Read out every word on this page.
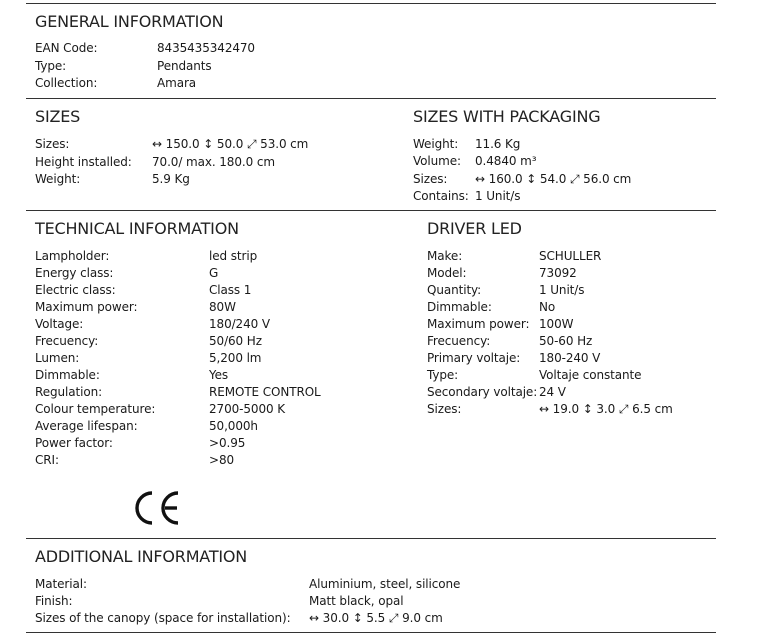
GENERAL INFORMATION
SIZES	SIZES WITH PACKAGING
TECHNICAL INFORMATION	DRIVER LED
ADDITIONAL INFORMATION
EAN Code:	8435435342470
Type:	Pendants
Collection:	Amara
Sizes:	↔ 150.0 ↕ 50.0 ⤢ 53.0 cm
Height installed: 70.0/ max. 180.0 cm
Weight:	5.9 Kg
Weight: 11.6 Kg
Volume: 0.4840 m³
Sizes: ↔ 160.0 ↕ 54.0 ⤢ 56.0 cm
Contains: 1 Unit/s
Lampholder:	led strip
Energy class:	G
Electric class:	Class 1
Maximum power:	80W
Voltage:	180/240 V
Frecuency:	50/60 Hz
Lumen:	5,200 lm
Dimmable:	Yes
Regulation:	REMOTE CONTROL
Colour temperature:	2700-5000 K
Average lifespan:	50,000h
Power factor:	>0.95
CRI:	>80
Make:	SCHULLER
Model:	73092
Quantity:	1 Unit/s
Dimmable:	No
Maximum power: 100W
Frecuency:	50-60 Hz
Primary voltaje: 180-240 V
Type:	Voltaje constante
Secondary voltaje: 24 V
Sizes:	↔ 19.0 ↕ 3.0 ⤢ 6.5 cm
Material:	Aluminium, steel, silicone
Finish:	Matt black, opal
Sizes of the canopy (space for installation): ↔ 30.0 ↕ 5.5 ⤢ 9.0 cm
